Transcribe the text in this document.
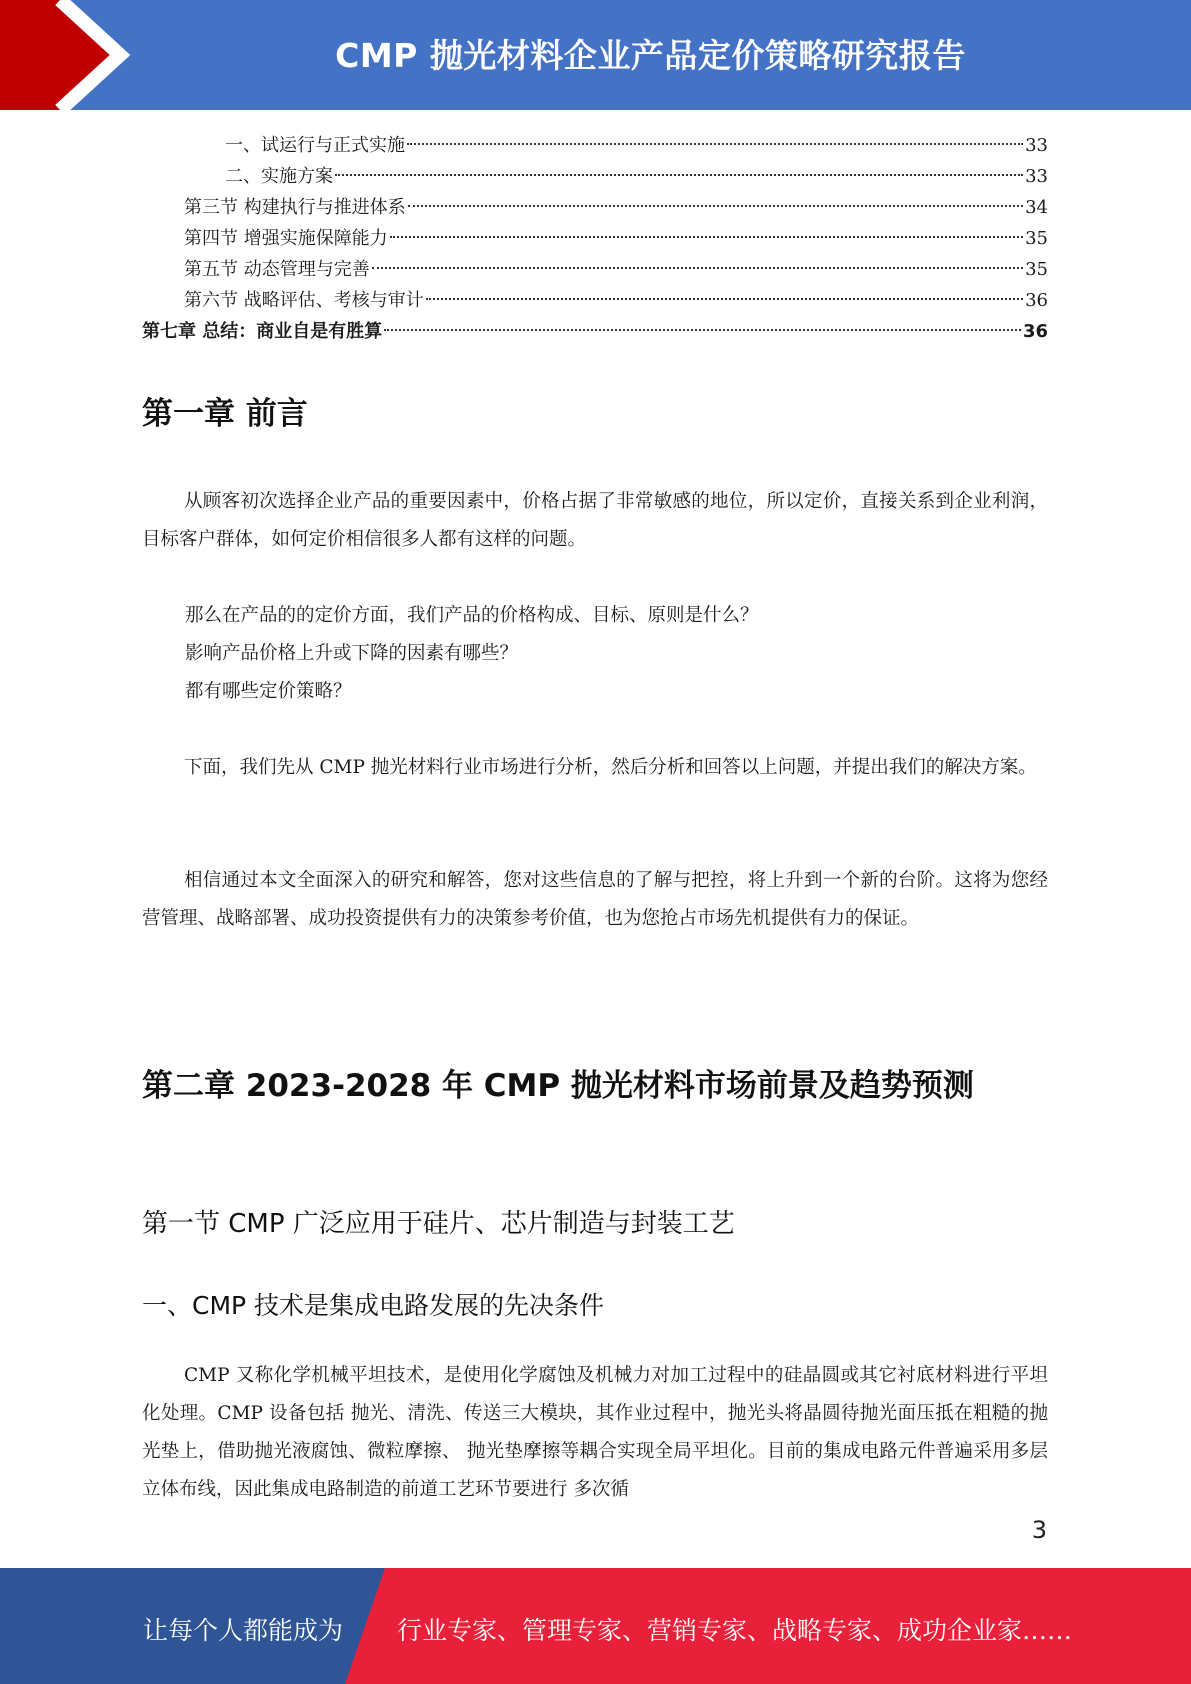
CMP 抛光材料企业产品定价策略研究报告
一、试运行与正式实施	33
二、实施方案	33
第三节 构建执行与推进体系	34
第四节 增强实施保障能力	35
第五节 动态管理与完善	35
第六节 战略评估、考核与审计	36
第七章 总结：商业自是有胜算	36
第一章 前言
从顾客初次选择企业产品的重要因素中，价格占据了非常敏感的地位，所以定价，直接关系到企业利润，目标客户群体，如何定价相信很多人都有这样的问题。
那么在产品的的定价方面，我们产品的价格构成、目标、原则是什么？
影响产品价格上升或下降的因素有哪些？
都有哪些定价策略？
下面，我们先从 CMP 抛光材料行业市场进行分析，然后分析和回答以上问题，并提出我们的解决方案。
相信通过本文全面深入的研究和解答，您对这些信息的了解与把控，将上升到一个新的台阶。这将为您经营管理、战略部署、成功投资提供有力的决策参考价值，也为您抢占市场先机提供有力的保证。
第二章 2023-2028 年 CMP 抛光材料市场前景及趋势预测
第一节 CMP 广泛应用于硅片、芯片制造与封装工艺
一、CMP 技术是集成电路发展的先决条件
CMP 又称化学机械平坦技术，是使用化学腐蚀及机械力对加工过程中的硅晶圆或其它衬底材料进行平坦化处理。CMP 设备包括 抛光、清洗、传送三大模块，其作业过程中，抛光头将晶圆待抛光面压抵在粗糙的抛光垫上，借助抛光液腐蚀、微粒摩擦、 抛光垫摩擦等耦合实现全局平坦化。目前的集成电路元件普遍采用多层立体布线，因此集成电路制造的前道工艺环节要进行 多次循
3
让每个人都能成为 行业专家、管理专家、营销专家、战略专家、成功企业家……
